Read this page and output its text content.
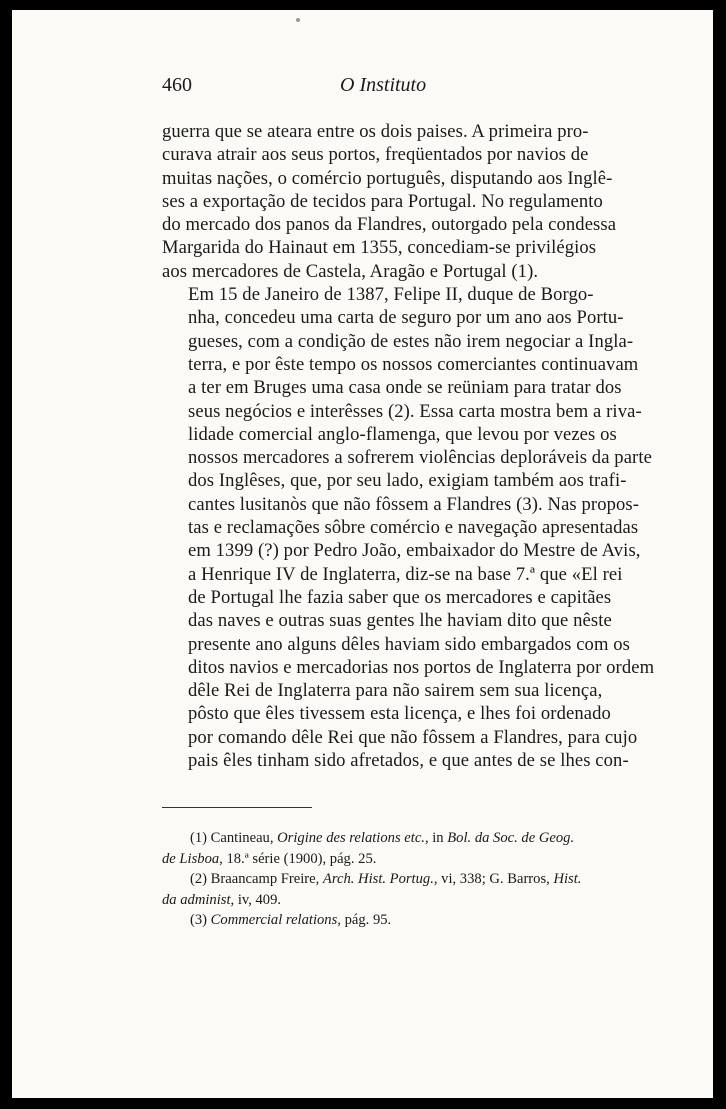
460	O Instituto

guerra que se ateara entre os dois paises. A primeira pro-
curava atrair aos seus portos, freqüentados por navios de
muitas nações, o comércio português, disputando aos Inglê-
ses a exportação de tecidos para Portugal. No regulamento
do mercado dos panos da Flandres, outorgado pela condessa
Margarida do Hainaut em 1355, concediam-se privilégios
aos mercadores de Castela, Aragão e Portugal (1).

Em 15 de Janeiro de 1387, Felipe II, duque de Borgo-
nha, concedeu uma carta de seguro por um ano aos Portu-
gueses, com a condição de estes não irem negociar a Ingla-
terra, e por êste tempo os nossos comerciantes continuavam
a ter em Bruges uma casa onde se reüniam para tratar dos
seus negócios e interêsses (2). Essa carta mostra bem a riva-
lidade comercial anglo-flamenga, que levou por vezes os
nossos mercadores a sofrerem violências deploráveis da parte
dos Inglêses, que, por seu lado, exigiam também aos trafi-
cantes lusitanòs que não fôssem a Flandres (3). Nas propos-
tas e reclamações sôbre comércio e navegação apresentadas
em 1399 (?) por Pedro João, embaixador do Mestre de Avis,
a Henrique IV de Inglaterra, diz-se na base 7.ª que «El rei
de Portugal lhe fazia saber que os mercadores e capitães
das naves e outras suas gentes lhe haviam dito que nêste
presente ano alguns dêles haviam sido embargados com os
ditos navios e mercadorias nos portos de Inglaterra por ordem
dêle Rei de Inglaterra para não sairem sem sua licença,
pôsto que êles tivessem esta licença, e lhes foi ordenado
por comando dêle Rei que não fôssem a Flandres, para cujo
pais êles tinham sido afretados, e que antes de se lhes con-

(1) Cantineau, Origine des relations etc., in Bol. da Soc. de Geog.
de Lisboa, 18.ª série (1900), pág. 25.
(2) Braancamp Freire, Arch. Hist. Portug., vi, 338; G. Barros, Hist.
da administ, iv, 409.
(3) Commercial relations, pág. 95.
